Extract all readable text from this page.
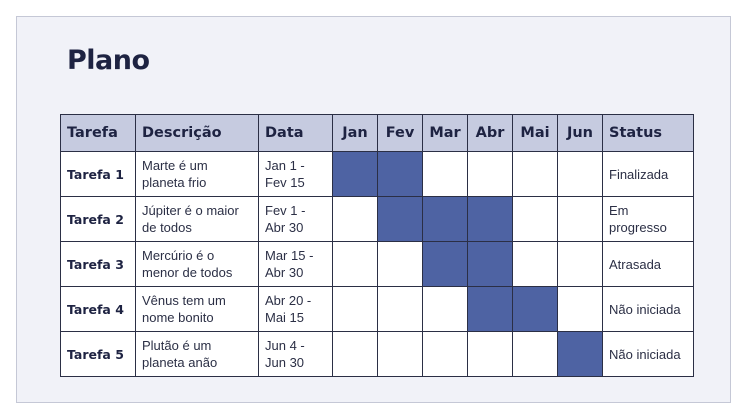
Plano
Tarefa	Descrição	Data	Jan	Fev	Mar	Abr	Mai	Jun	Status
Tarefa 1	Marte é um planeta frio	Jan 1 - Fev 15							Finalizada
Tarefa 2	Júpiter é o maior de todos	Fev 1 - Abr 30							Em progresso
Tarefa 3	Mercúrio é o menor de todos	Mar 15 - Abr 30							Atrasada
Tarefa 4	Vênus tem um nome bonito	Abr 20 - Mai 15							Não iniciada
Tarefa 5	Plutão é um planeta anão	Jun 4 - Jun 30							Não iniciada
